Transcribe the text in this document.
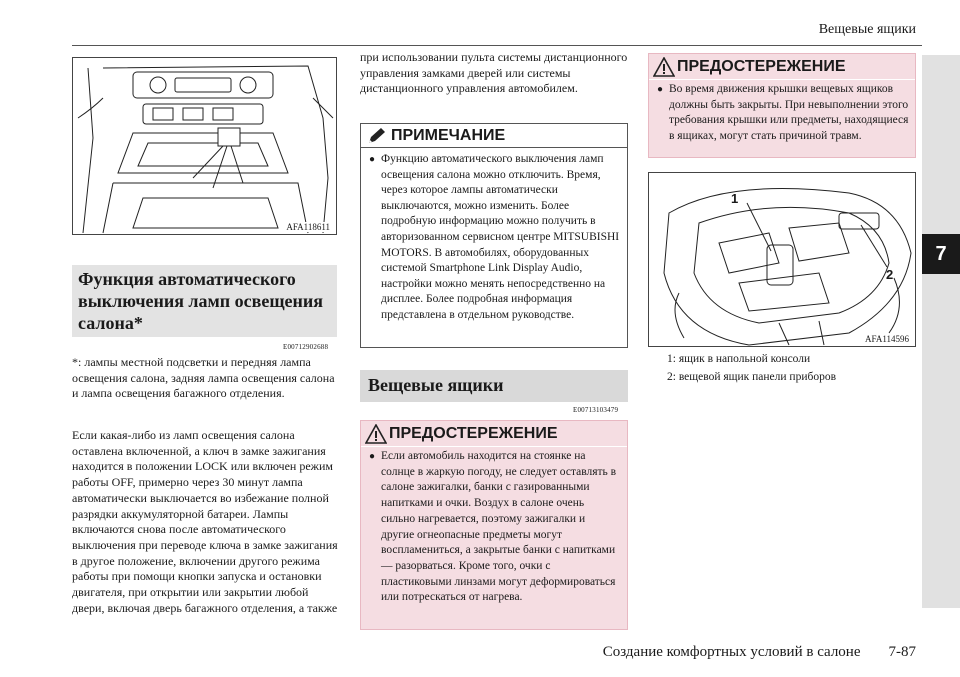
Вещевые ящики
7
AFA118611
Функция автоматического выключения ламп освещения салона*
E00712902688
*: лампы местной подсветки и передняя лампа освещения салона, задняя лампа освещения салона и лампа освещения багажного отделения.
Если какая-либо из ламп освещения салона оставлена включенной, а ключ в замке зажигания находится в положении LOCK или включен режим работы OFF, примерно через 30 минут лампа автоматически выключается во избежание полной разрядки аккумуляторной батареи. Лампы включаются снова после автоматического выключения при переводе ключа в замке зажигания в другое положение, включении другого режима работы при помощи кнопки запуска и остановки двигателя, при открытии или закрытии любой двери, включая дверь багажного отделения, а также
при использовании пульта системы дистанционного управления замками дверей или системы дистанционного управления автомобилем.
ПРИМЕЧАНИЕ
● Функцию автоматического выключения ламп освещения салона можно отключить. Время, через которое лампы автоматически выключаются, можно изменить. Более подробную информацию можно получить в авторизованном сервисном центре MITSUBISHI MOTORS. В автомобилях, оборудованных системой Smartphone Link Display Audio, настройки можно менять непосредственно на дисплее. Более подробная информация представлена в отдельном руководстве.
Вещевые ящики
E00713103479
ПРЕДОСТЕРЕЖЕНИЕ
● Если автомобиль находится на стоянке на солнце в жаркую погоду, не следует оставлять в салоне зажигалки, банки с газированными напитками и очки. Воздух в салоне очень сильно нагревается, поэтому зажигалки и другие огнеопасные предметы могут воспламениться, а закрытые банки с напитками — разорваться. Кроме того, очки с пластиковыми линзами могут деформироваться или потрескаться от нагрева.
ПРЕДОСТЕРЕЖЕНИЕ
● Во время движения крышки вещевых ящиков должны быть закрыты. При невыполнении этого требования крышки или предметы, находящиеся в ящиках, могут стать причиной травм.
1
2
AFA114596
1: ящик в напольной консоли
2: вещевой ящик панели приборов
Создание комфортных условий в салоне 7-87
